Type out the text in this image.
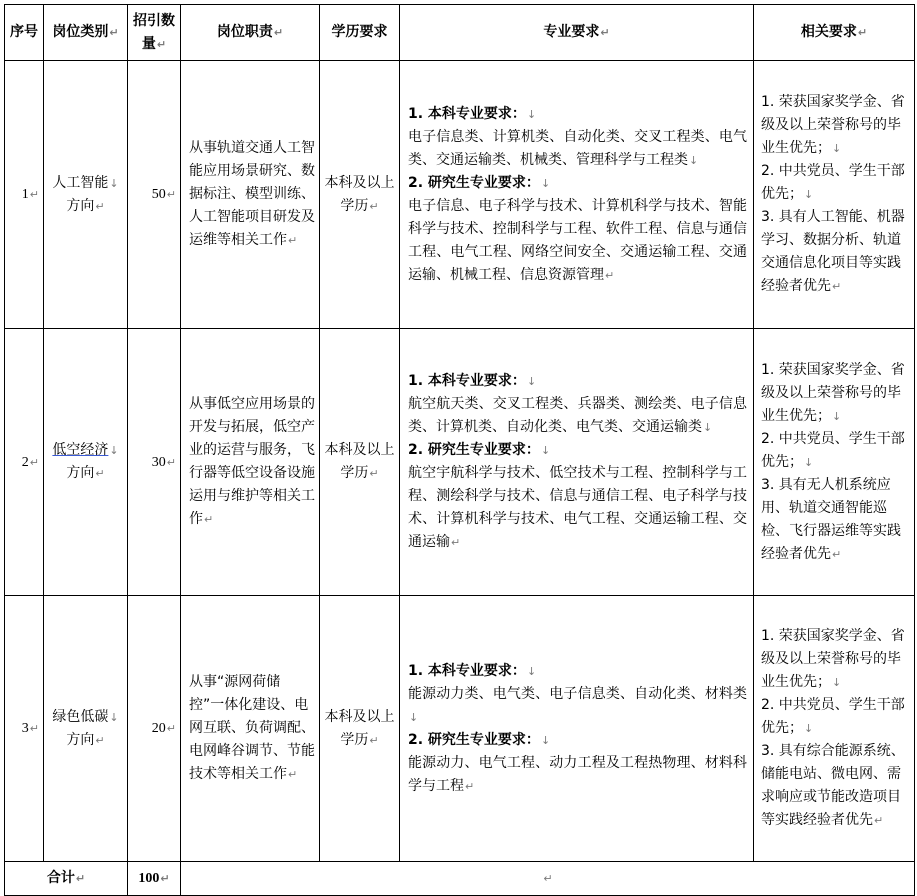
序号	岗位类别↵	招引数量↵	岗位职责↵	学历要求	专业要求↵	相关要求↵
1↵	人工智能↓
方向↵	50↵	从事轨道交通人工智能应用场景研究、数据标注、模型训练、人工智能项目研发及运维等相关工作↵	本科及以上学历↵	1. 本科专业要求：↓
电子信息类、计算机类、自动化类、交叉工程类、电气类、交通运输类、机械类、管理科学与工程类↓
2. 研究生专业要求：↓
电子信息、电子科学与技术、计算机科学与技术、智能科学与技术、控制科学与工程、软件工程、信息与通信工程、电气工程、网络空间安全、交通运输工程、交通运输、机械工程、信息资源管理↵	1. 荣获国家奖学金、省级及以上荣誉称号的毕业生优先；↓
2. 中共党员、学生干部优先；↓
3. 具有人工智能、机器学习、数据分析、轨道交通信息化项目等实践经验者优先↵
2↵	低空经济↓
方向↵	30↵	从事低空应用场景的开发与拓展，低空产业的运营与服务，飞行器等低空设备设施运用与维护等相关工作↵	本科及以上学历↵	1. 本科专业要求：↓
航空航天类、交叉工程类、兵器类、测绘类、电子信息类、计算机类、自动化类、电气类、交通运输类↓
2. 研究生专业要求：↓
航空宇航科学与技术、低空技术与工程、控制科学与工程、测绘科学与技术、信息与通信工程、电子科学与技术、计算机科学与技术、电气工程、交通运输工程、交通运输↵	1. 荣获国家奖学金、省级及以上荣誉称号的毕业生优先；↓
2. 中共党员、学生干部优先；↓
3. 具有无人机系统应用、轨道交通智能巡检、飞行器运维等实践经验者优先↵
3↵	绿色低碳↓
方向↵	20↵	从事“源网荷储控”一体化建设、电网互联、负荷调配、电网峰谷调节、节能技术等相关工作↵	本科及以上学历↵	1. 本科专业要求：↓
能源动力类、电气类、电子信息类、自动化类、材料类↓
2. 研究生专业要求：↓
能源动力、电气工程、动力工程及工程热物理、材料科学与工程↵	1. 荣获国家奖学金、省级及以上荣誉称号的毕业生优先；↓
2. 中共党员、学生干部优先；↓
3. 具有综合能源系统、储能电站、微电网、需求响应或节能改造项目等实践经验者优先↵
合计↵		100↵	↵			
